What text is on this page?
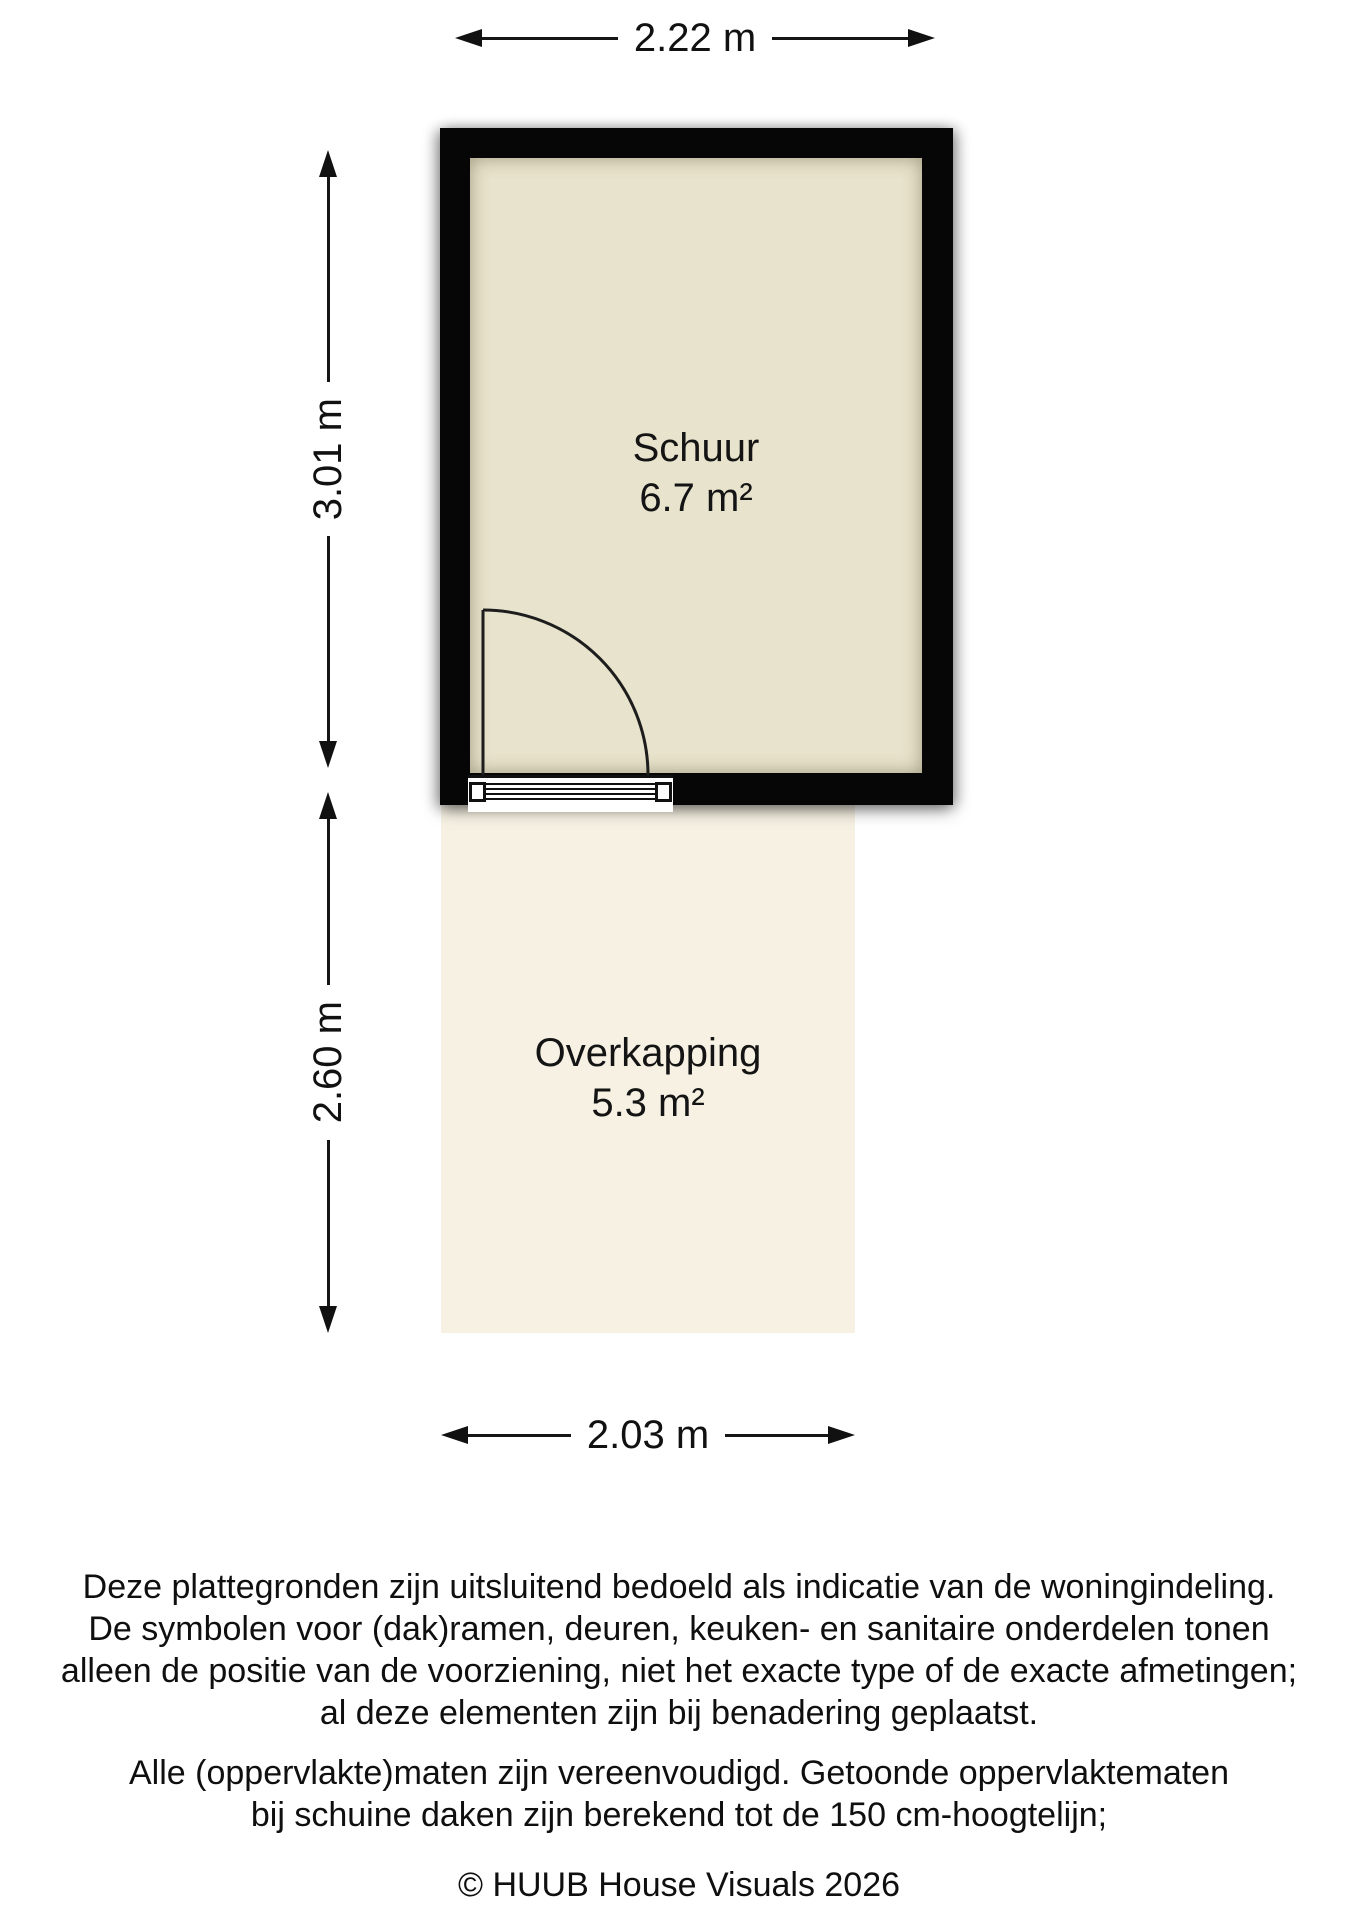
2.22 m
3.01 m
2.60 m
2.03 m
Overkapping
5.3 m²
Schuur
6.7 m²
Deze plattegronden zijn uitsluitend bedoeld als indicatie van de woningindeling.
De symbolen voor (dak)ramen, deuren, keuken- en sanitaire onderdelen tonen
alleen de positie van de voorziening, niet het exacte type of de exacte afmetingen;
al deze elementen zijn bij benadering geplaatst.
Alle (oppervlakte)maten zijn vereenvoudigd. Getoonde oppervlaktematen
bij schuine daken zijn berekend tot de 150 cm-hoogtelijn;
© HUUB House Visuals 2026
